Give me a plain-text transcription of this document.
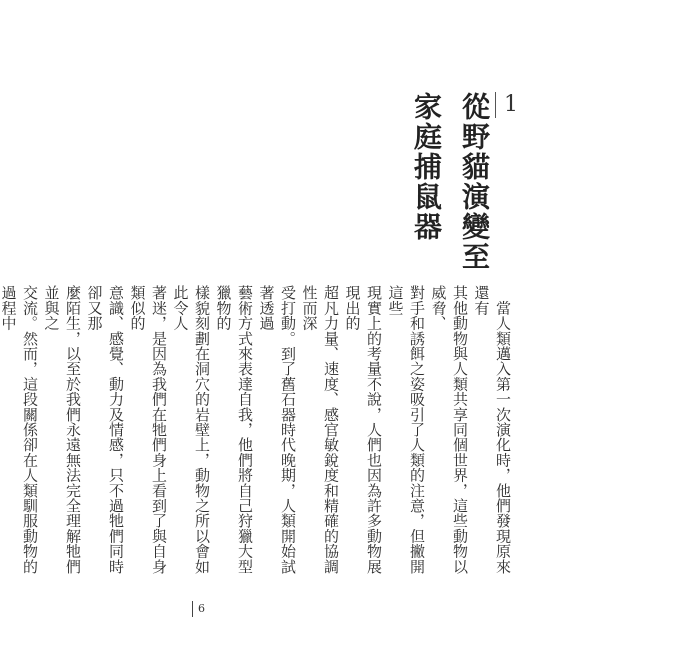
1
從野貓演變至
家庭捕鼠器
　當人類邁入第一次演化時，他們發現原來還有
其他動物與人類共享同個世界，這些動物以威脅、
對手和誘餌之姿吸引了人類的注意，但撇開這些
現實上的考量不說，人們也因為許多動物展現出的
超凡力量、速度、感官敏銳度和精確的協調性而深
受打動。到了舊石器時代晚期，人類開始試著透過
藝術方式來表達自我，他們將自己狩獵大型獵物的
樣貌刻劃在洞穴的岩壁上，動物之所以會如此令人
著迷，是因為我們在牠們身上看到了與自身類似的
意識、感覺、動力及情感，只不過牠們同時卻又那
麼陌生，以至於我們永遠無法完全理解牠們並與之
交流。然而，這段關係卻在人類馴服動物的過程中
6
